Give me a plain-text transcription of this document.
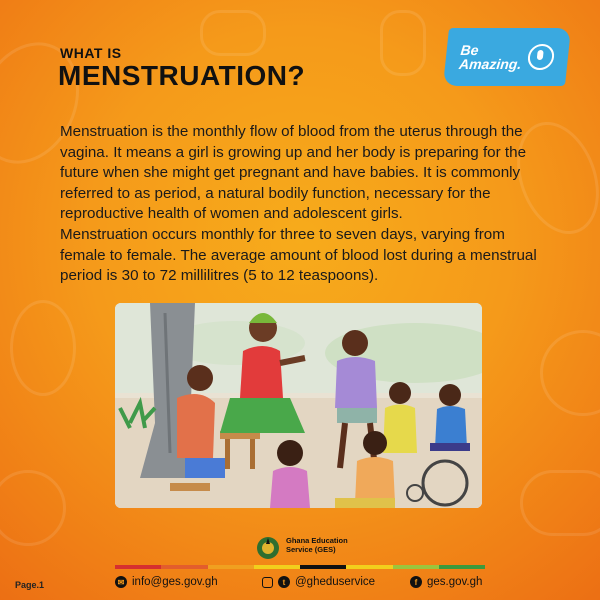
WHAT IS
MENSTRUATION?
Be
Amazing.

Menstruation is the monthly flow of blood from the uterus through the vagina. It means a girl is growing up and her body is preparing for the future when she might get pregnant and have babies. It is commonly referred to as period, a natural bodily function, necessary for the reproductive health of women and adolescent girls.

Menstruation occurs monthly for three to seven days, varying from female to female. The average amount of blood lost during a menstrual period is 30 to 72 millilitres (5 to 12 teaspoons).

Ghana Education
Service (GES)
Page.1	✉ info@ges.gov.gh	t @gheduservice	f ges.gov.gh
